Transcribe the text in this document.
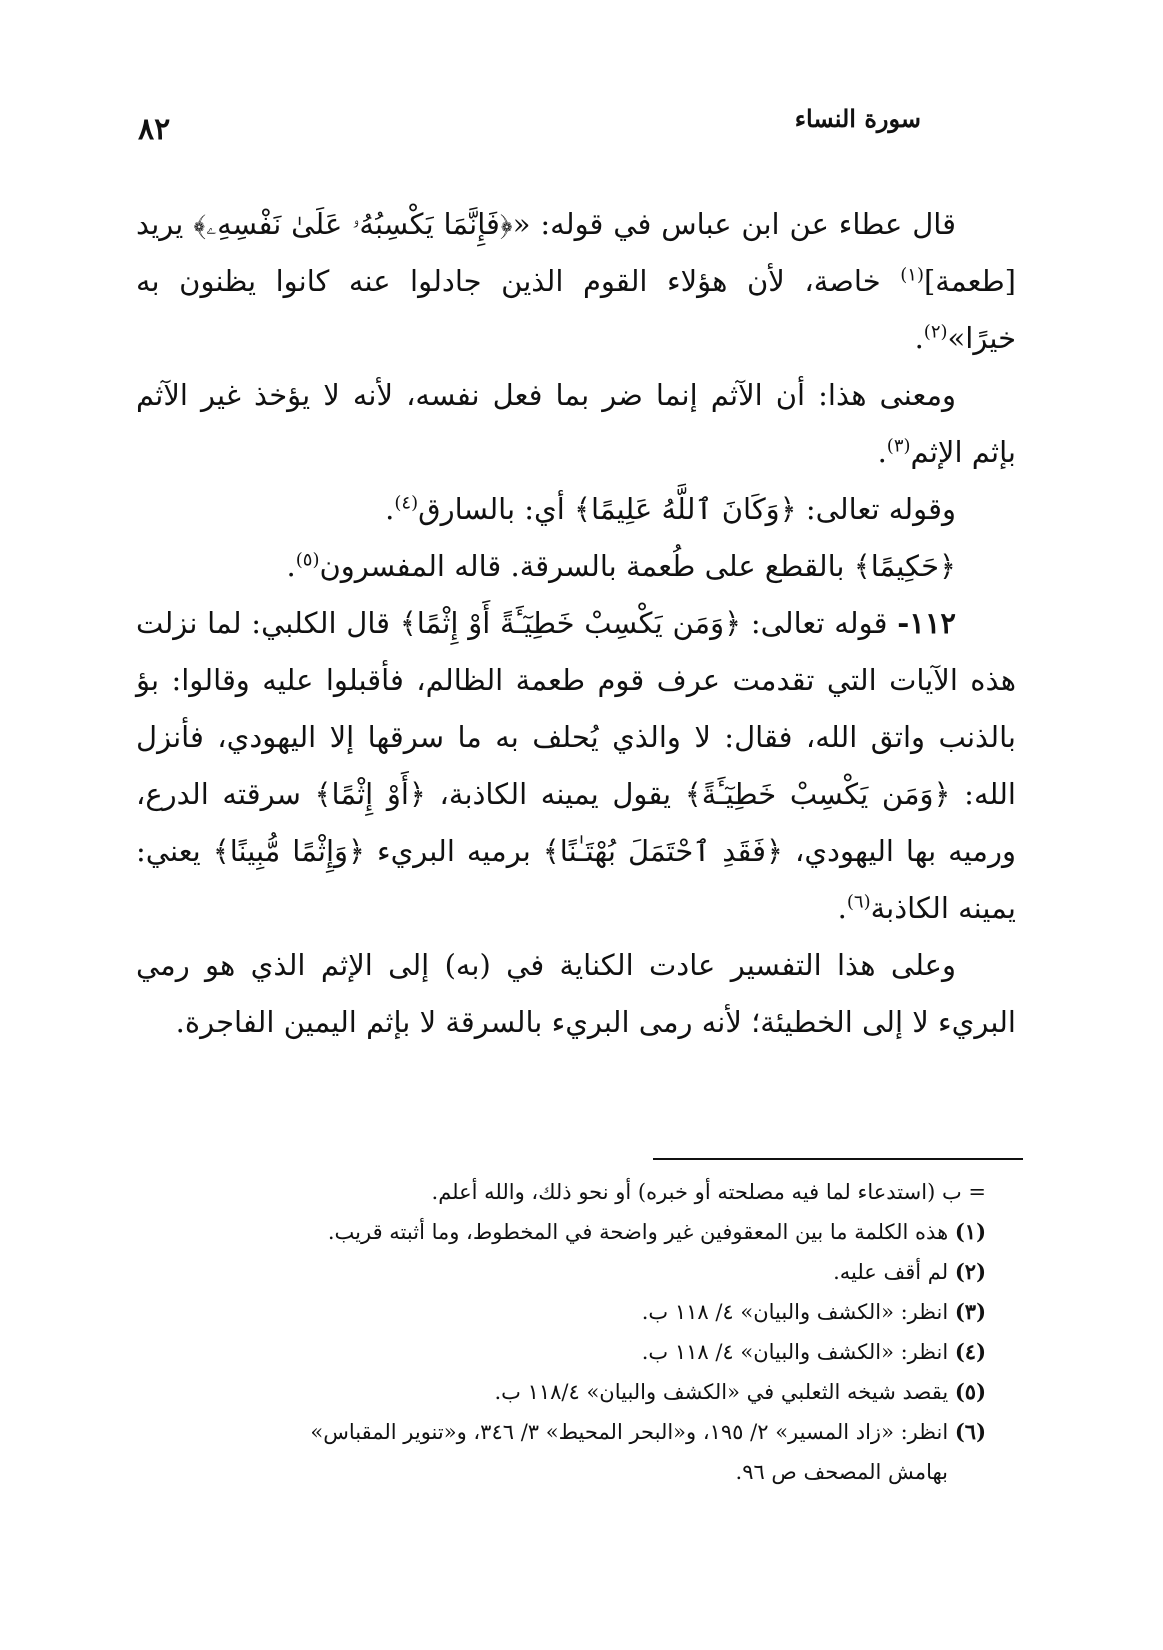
سورة النساء
٨٢

قال عطاء عن ابن عباس في قوله: «﴿فَإِنَّمَا يَكْسِبُهُۥ عَلَىٰ نَفْسِهِۦ﴾ يريد [طعمة]$^{(١)}$ خاصة، لأن هؤلاء القوم الذين جادلوا عنه كانوا يظنون به خيرًا»$^{(٢)}$.

ومعنى هذا: أن الآثم إنما ضر بما فعل نفسه، لأنه لا يؤخذ غير الآثم بإثم الإثم$^{(٣)}$.

وقوله تعالى: ﴿وَكَانَ ٱللَّهُ عَلِيمًا﴾ أي: بالسارق$^{(٤)}$.

﴿حَكِيمًا﴾ بالقطع على طُعمة بالسرقة. قاله المفسرون$^{(٥)}$.

١١٢- قوله تعالى: ﴿وَمَن يَكْسِبْ خَطِيٓـَٔةً أَوْ إِثْمًا﴾ قال الكلبي: لما نزلت هذه الآيات التي تقدمت عرف قوم طعمة الظالم، فأقبلوا عليه وقالوا: بؤ بالذنب واتق الله، فقال: لا والذي يُحلف به ما سرقها إلا اليهودي، فأنزل الله: ﴿وَمَن يَكْسِبْ خَطِيٓـَٔةً﴾ يقول يمينه الكاذبة، ﴿أَوْ إِثْمًا﴾ سرقته الدرع، ورميه بها اليهودي، ﴿فَقَدِ ٱحْتَمَلَ بُهْتَـٰنًا﴾ برميه البريء ﴿وَإِثْمًا مُّبِينًا﴾ يعني: يمينه الكاذبة$^{(٦)}$.

وعلى هذا التفسير عادت الكناية في (به) إلى الإثم الذي هو رمي البريء لا إلى الخطيئة؛ لأنه رمى البريء بالسرقة لا بإثم اليمين الفاجرة.

= ب (استدعاء لما فيه مصلحته أو خبره) أو نحو ذلك، والله أعلم.

(١) هذه الكلمة ما بين المعقوفين غير واضحة في المخطوط، وما أثبته قريب.

(٢) لم أقف عليه.

(٣) انظر: «الكشف والبيان» ٤/ ١١٨ ب.

(٤) انظر: «الكشف والبيان» ٤/ ١١٨ ب.

(٥) يقصد شيخه الثعلبي في «الكشف والبيان» ١١٨/٤ ب.

(٦) انظر: «زاد المسير» ٢/ ١٩٥، و«البحر المحيط» ٣/ ٣٤٦، و«تنوير المقباس»

بهامش المصحف ص ٩٦.
